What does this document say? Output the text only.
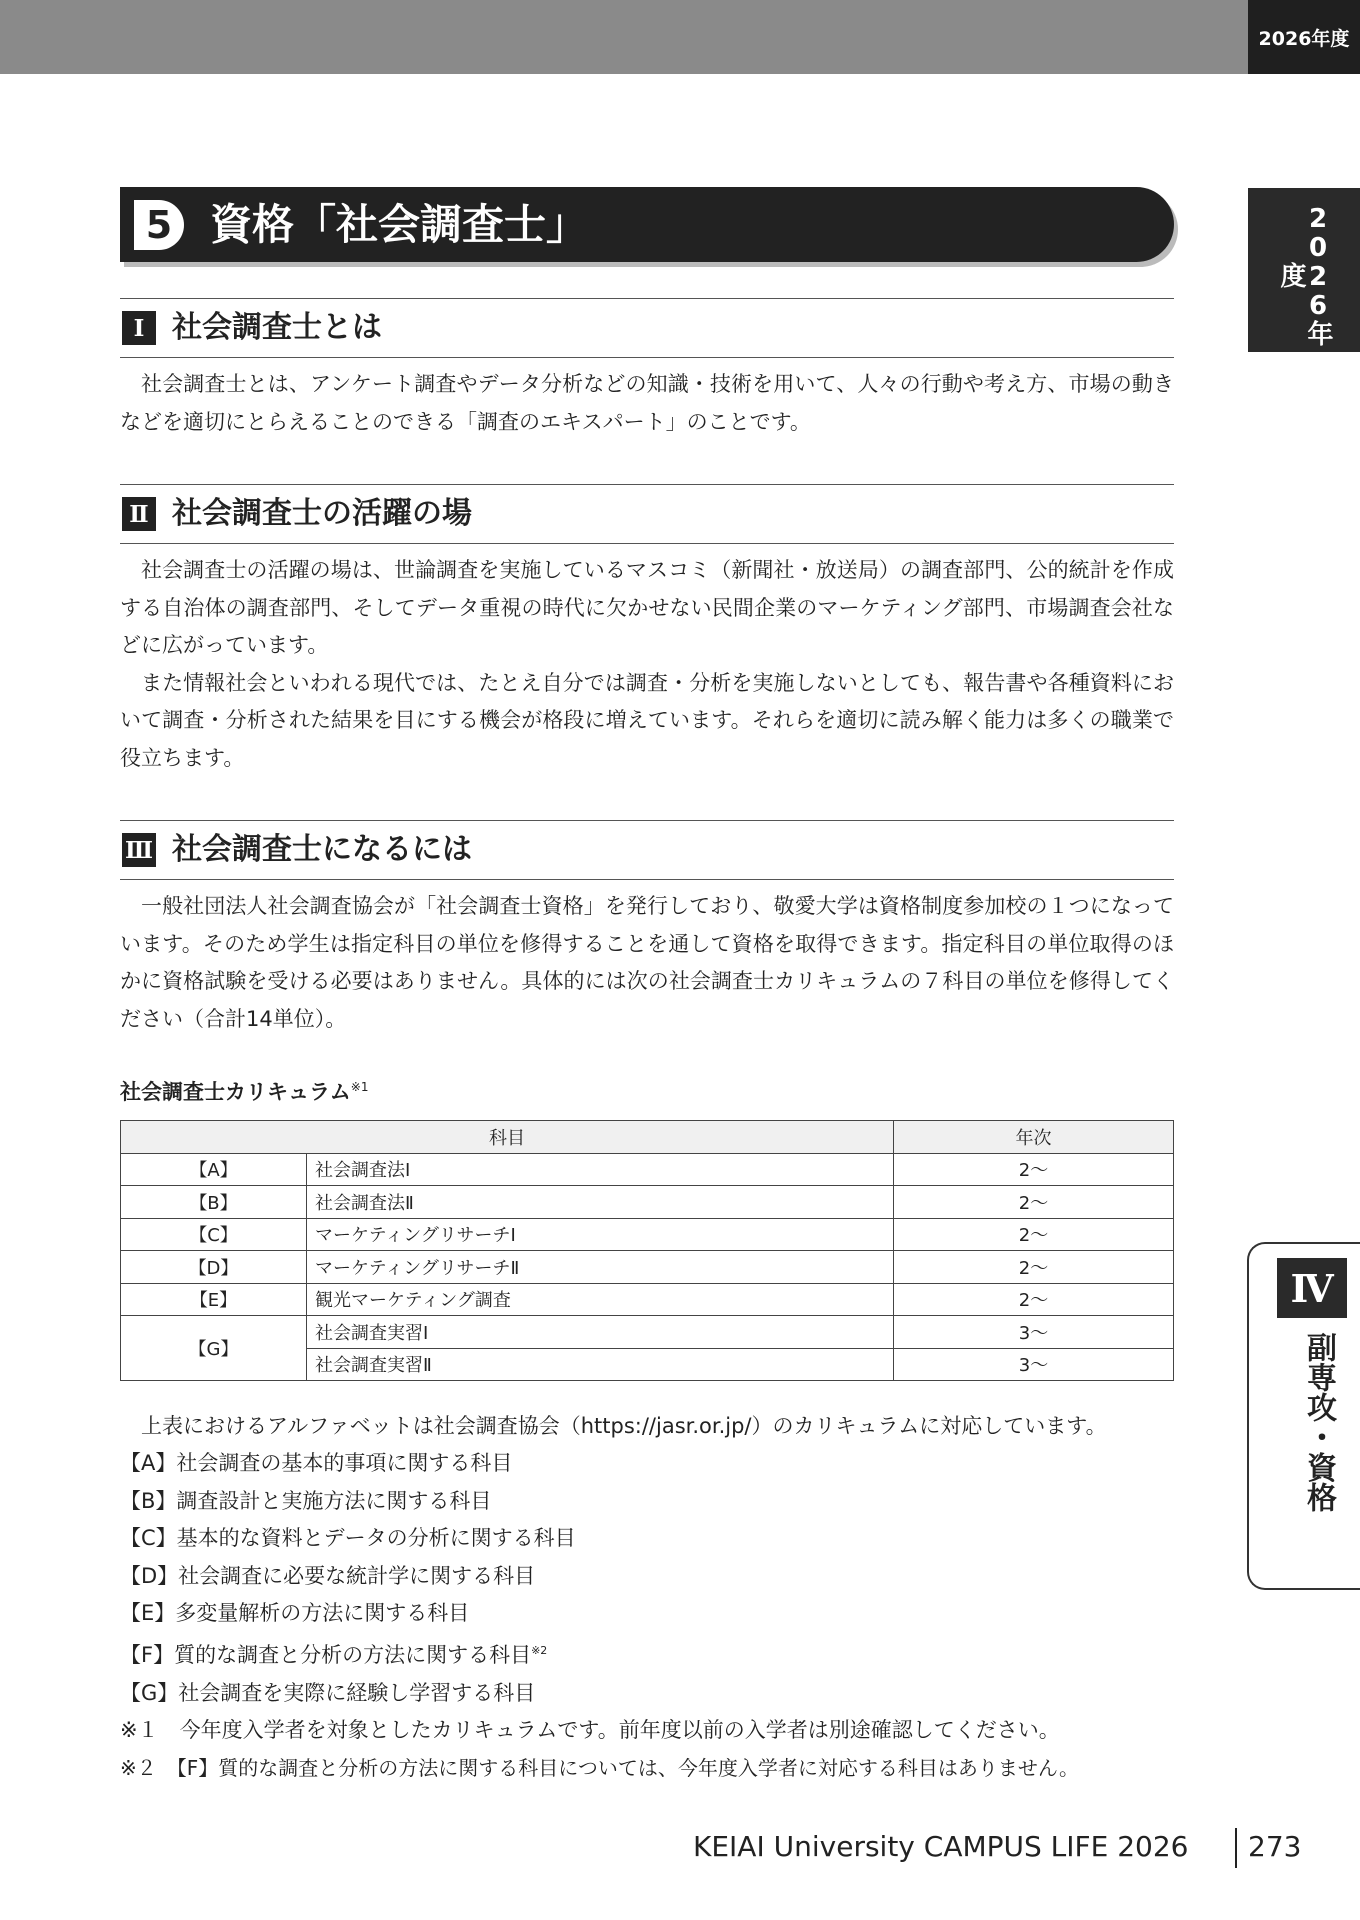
2026年度
2026年度
Ⅳ
副専攻・資格
5 資格「社会調査士」
Ⅰ 社会調査士とは

社会調査士とは、アンケート調査やデータ分析などの知識・技術を用いて、人々の行動や考え方、市場の動きなどを適切にとらえることのできる「調査のエキスパート」のことです。

Ⅱ 社会調査士の活躍の場

社会調査士の活躍の場は、世論調査を実施しているマスコミ（新聞社・放送局）の調査部門、公的統計を作成する自治体の調査部門、そしてデータ重視の時代に欠かせない民間企業のマーケティング部門、市場調査会社などに広がっています。

また情報社会といわれる現代では、たとえ自分では調査・分析を実施しないとしても、報告書や各種資料において調査・分析された結果を目にする機会が格段に増えています。それらを適切に読み解く能力は多くの職業で役立ちます。

Ⅲ 社会調査士になるには

一般社団法人社会調査協会が「社会調査士資格」を発行しており、敬愛大学は資格制度参加校の１つになっています。そのため学生は指定科目の単位を修得することを通して資格を取得できます。指定科目の単位取得のほかに資格試験を受ける必要はありません。具体的には次の社会調査士カリキュラムの７科目の単位を修得してください（合計14単位）。

社会調査士カリキュラム$^{※1}$
科目		年次
【A】	社会調査法Ⅰ	2～
【B】	社会調査法Ⅱ	2～
【C】	マーケティングリサーチⅠ	2～
【D】	マーケティングリサーチⅡ	2～
【E】	観光マーケティング調査	2～
【G】	社会調査実習Ⅰ	3～
	社会調査実習Ⅱ	3～
上表におけるアルファベットは社会調査協会（https://jasr.or.jp/）のカリキュラムに対応しています。
【A】社会調査の基本的事項に関する科目
【B】調査設計と実施方法に関する科目
【C】基本的な資料とデータの分析に関する科目
【D】社会調査に必要な統計学に関する科目
【E】多変量解析の方法に関する科目
【F】質的な調査と分析の方法に関する科目$^{※2}$
【G】社会調査を実際に経験し学習する科目
※１　今年度入学者を対象としたカリキュラムです。前年度以前の入学者は別途確認してください。
※２　【F】質的な調査と分析の方法に関する科目については、今年度入学者に対応する科目はありません。
KEIAI University CAMPUS LIFE 2026 273
